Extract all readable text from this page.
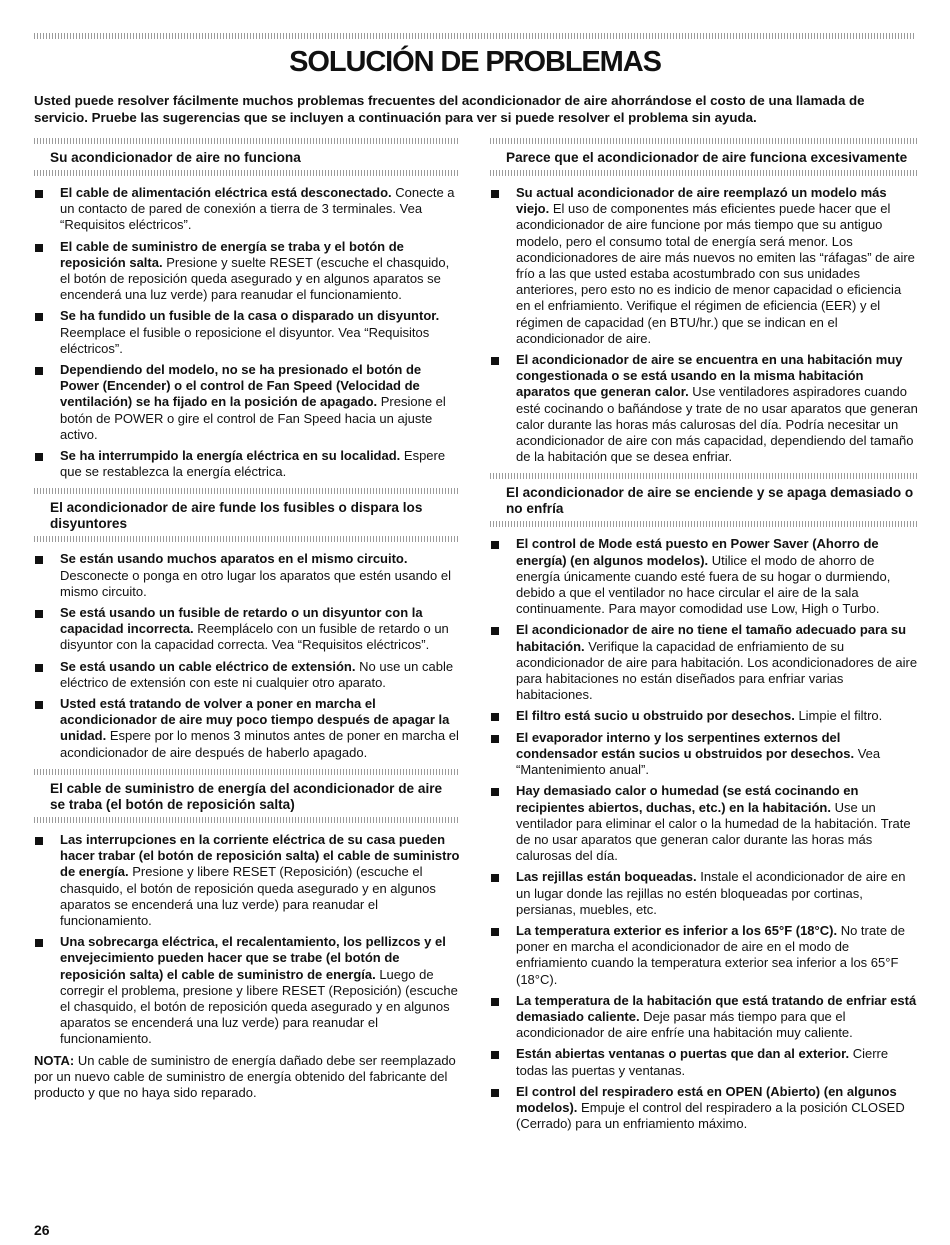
SOLUCIÓN DE PROBLEMAS

Usted puede resolver fácilmente muchos problemas frecuentes del acondicionador de aire ahorrándose el costo de una llamada de servicio. Pruebe las sugerencias que se incluyen a continuación para ver si puede resolver el problema sin ayuda.

Su acondicionador de aire no funciona
El cable de alimentación eléctrica está desconectado. Conecte a un contacto de pared de conexión a tierra de 3 terminales. Vea “Requisitos eléctricos”.
El cable de suministro de energía se traba y el botón de reposición salta. Presione y suelte RESET (escuche el chasquido, el botón de reposición queda asegurado y en algunos aparatos se encenderá una luz verde) para reanudar el funcionamiento.
Se ha fundido un fusible de la casa o disparado un disyuntor. Reemplace el fusible o reposicione el disyuntor. Vea “Requisitos eléctricos”.
Dependiendo del modelo, no se ha presionado el botón de Power (Encender) o el control de Fan Speed (Velocidad de ventilación) se ha fijado en la posición de apagado. Presione el botón de POWER o gire el control de Fan Speed hacia un ajuste activo.
Se ha interrumpido la energía eléctrica en su localidad. Espere que se restablezca la energía eléctrica.
El acondicionador de aire funde los fusibles o dispara los disyuntores
Se están usando muchos aparatos en el mismo circuito. Desconecte o ponga en otro lugar los aparatos que estén usando el mismo circuito.
Se está usando un fusible de retardo o un disyuntor con la capacidad incorrecta. Reemplácelo con un fusible de retardo o un disyuntor con la capacidad correcta. Vea “Requisitos eléctricos”.
Se está usando un cable eléctrico de extensión. No use un cable eléctrico de extensión con este ni cualquier otro aparato.
Usted está tratando de volver a poner en marcha el acondicionador de aire muy poco tiempo después de apagar la unidad. Espere por lo menos 3 minutos antes de poner en marcha el acondicionador de aire después de haberlo apagado.
El cable de suministro de energía del acondicionador de aire se traba (el botón de reposición salta)
Las interrupciones en la corriente eléctrica de su casa pueden hacer trabar (el botón de reposición salta) el cable de suministro de energía. Presione y libere RESET (Reposición) (escuche el chasquido, el botón de reposición queda asegurado y en algunos aparatos se encenderá una luz verde) para reanudar el funcionamiento.
Una sobrecarga eléctrica, el recalentamiento, los pellizcos y el envejecimiento pueden hacer que se trabe (el botón de reposición salta) el cable de suministro de energía. Luego de corregir el problema, presione y libere RESET (Reposición) (escuche el chasquido, el botón de reposición queda asegurado y en algunos aparatos se encenderá una luz verde) para reanudar el funcionamiento.

NOTA: Un cable de suministro de energía dañado debe ser reemplazado por un nuevo cable de suministro de energía obtenido del fabricante del producto y que no haya sido reparado.

Parece que el acondicionador de aire funciona excesivamente
Su actual acondicionador de aire reemplazó un modelo más viejo. El uso de componentes más eficientes puede hacer que el acondicionador de aire funcione por más tiempo que su antiguo modelo, pero el consumo total de energía será menor. Los acondicionadores de aire más nuevos no emiten las “ráfagas” de aire frío a las que usted estaba acostumbrado con sus unidades anteriores, pero esto no es indicio de menor capacidad o eficiencia en el enfriamiento. Verifique el régimen de eficiencia (EER) y el régimen de capacidad (en BTU/hr.) que se indican en el acondicionador de aire.
El acondicionador de aire se encuentra en una habitación muy congestionada o se está usando en la misma habitación aparatos que generan calor. Use ventiladores aspiradores cuando esté cocinando o bañándose y trate de no usar aparatos que generan calor durante las horas más calurosas del día. Podría necesitar un acondicionador de aire con más capacidad, dependiendo del tamaño de la habitación que se desea enfriar.
El acondicionador de aire se enciende y se apaga demasiado o no enfría
El control de Mode está puesto en Power Saver (Ahorro de energía) (en algunos modelos). Utilice el modo de ahorro de energía únicamente cuando esté fuera de su hogar o durmiendo, debido a que el ventilador no hace circular el aire de la sala continuamente. Para mayor comodidad use Low, High o Turbo.
El acondicionador de aire no tiene el tamaño adecuado para su habitación. Verifique la capacidad de enfriamiento de su acondicionador de aire para habitación. Los acondicionadores de aire para habitaciones no están diseñados para enfriar varias habitaciones.
El filtro está sucio u obstruido por desechos. Limpie el filtro.
El evaporador interno y los serpentines externos del condensador están sucios u obstruidos por desechos. Vea “Mantenimiento anual”.
Hay demasiado calor o humedad (se está cocinando en recipientes abiertos, duchas, etc.) en la habitación. Use un ventilador para eliminar el calor o la humedad de la habitación. Trate de no usar aparatos que generan calor durante las horas más calurosas del día.
Las rejillas están boqueadas. Instale el acondicionador de aire en un lugar donde las rejillas no estén bloqueadas por cortinas, persianas, muebles, etc.
La temperatura exterior es inferior a los 65°F (18°C). No trate de poner en marcha el acondicionador de aire en el modo de enfriamiento cuando la temperatura exterior sea inferior a los 65°F (18°C).
La temperatura de la habitación que está tratando de enfriar está demasiado caliente. Deje pasar más tiempo para que el acondicionador de aire enfríe una habitación muy caliente.
Están abiertas ventanas o puertas que dan al exterior. Cierre todas las puertas y ventanas.
El control del respiradero está en OPEN (Abierto) (en algunos modelos). Empuje el control del respiradero a la posición CLOSED (Cerrado) para un enfriamiento máximo.
26
